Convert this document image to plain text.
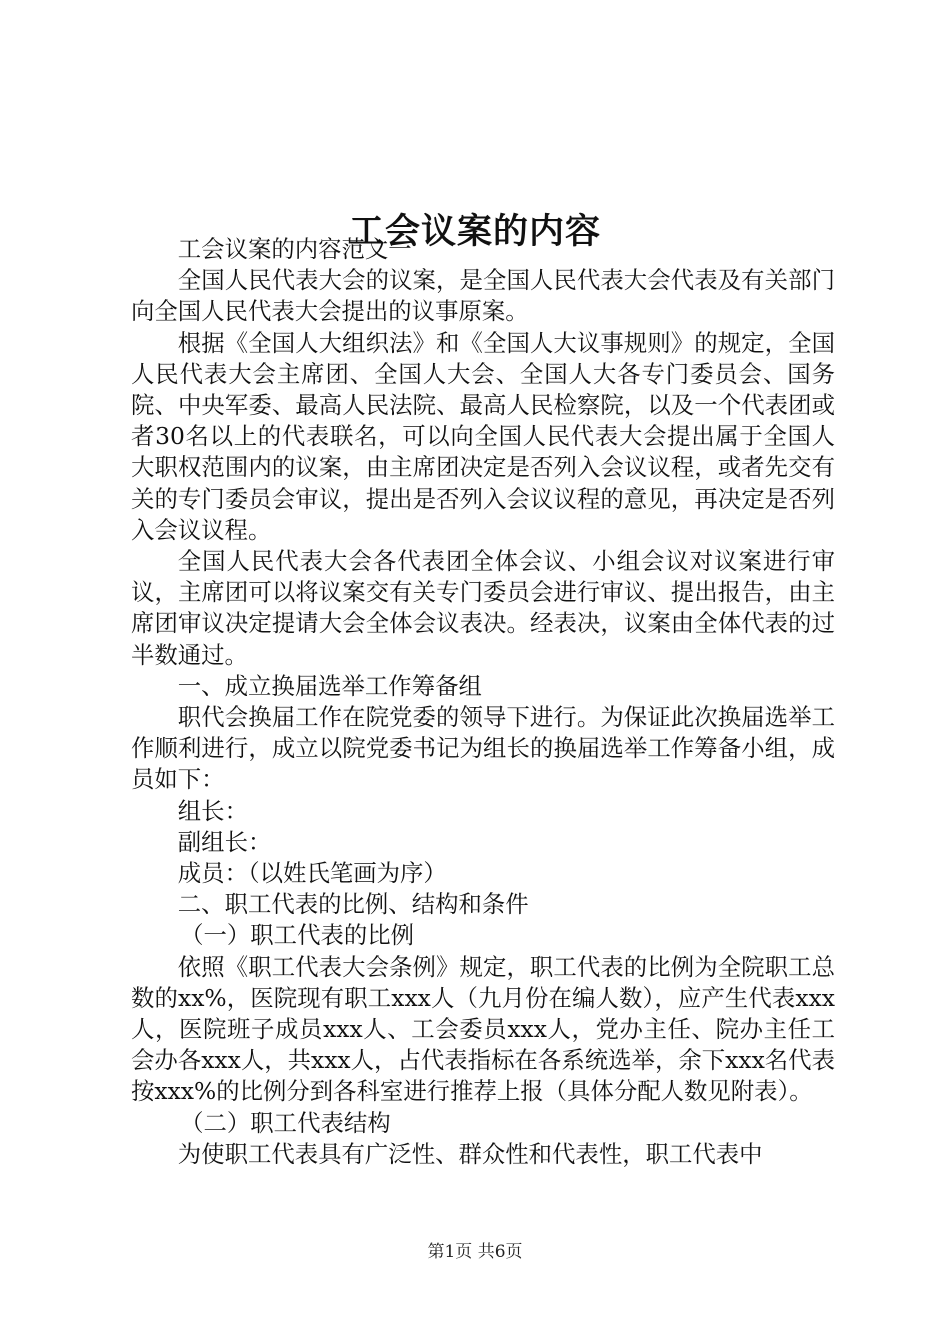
工会议案的内容

工会议案的内容范文一

全国人民代表大会的议案，是全国人民代表大会代表及有关部门向全国人民代表大会提出的议事原案。

根据《全国人大组织法》和《全国人大议事规则》的规定，全国人民代表大会主席团、全国人大会、全国人大各专门委员会、国务院、中央军委、最高人民法院、最高人民检察院，以及一个代表团或者30名以上的代表联名，可以向全国人民代表大会提出属于全国人大职权范围内的议案，由主席团决定是否列入会议议程，或者先交有关的专门委员会审议，提出是否列入会议议程的意见，再决定是否列入会议议程。

全国人民代表大会各代表团全体会议、小组会议对议案进行审议，主席团可以将议案交有关专门委员会进行审议、提出报告，由主席团审议决定提请大会全体会议表决。经表决，议案由全体代表的过半数通过。

一、成立换届选举工作筹备组

职代会换届工作在院党委的领导下进行。为保证此次换届选举工作顺利进行，成立以院党委书记为组长的换届选举工作筹备小组，成员如下：

组长：

副组长：

成员：（以姓氏笔画为序）

二、职工代表的比例、结构和条件

（一）职工代表的比例

依照《职工代表大会条例》规定，职工代表的比例为全院职工总数的xx%，医院现有职工xxx人（九月份在编人数），应产生代表xxx人，医院班子成员xxx人、工会委员xxx人，党办主任、院办主任工会办各xxx人，共xxx人，占代表指标在各系统选举，余下xxx名代表按xxx%的比例分到各科室进行推荐上报（具体分配人数见附表）。

（二）职工代表结构

为使职工代表具有广泛性、群众性和代表性，职工代表中

第1页 共6页
